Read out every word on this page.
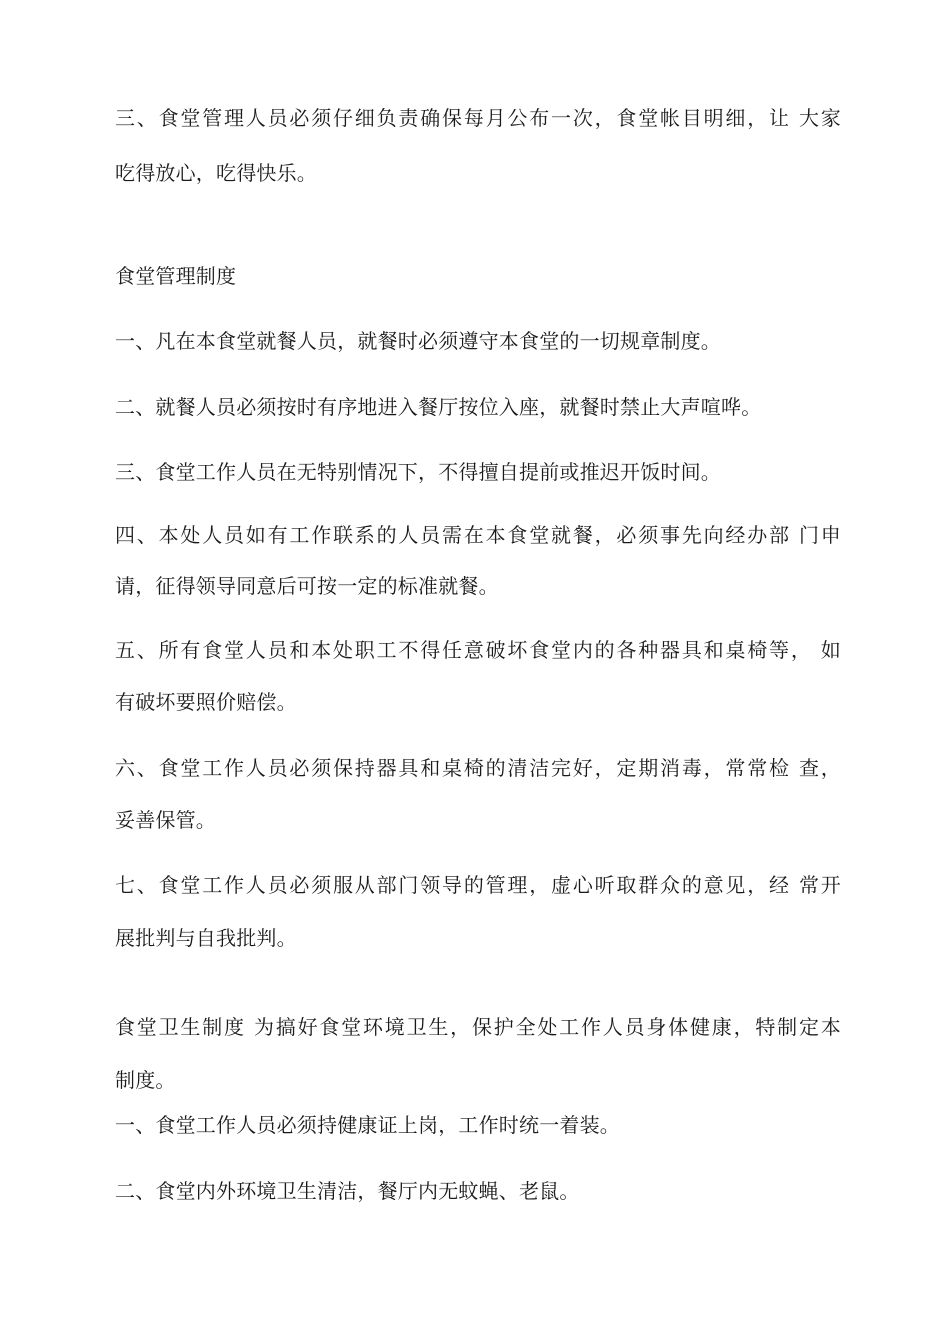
三、食堂管理人员必须仔细负责确保每月公布一次，食堂帐目明细，让 大家
吃得放心，吃得快乐。
食堂管理制度
一、凡在本食堂就餐人员，就餐时必须遵守本食堂的一切规章制度。
二、就餐人员必须按时有序地进入餐厅按位入座，就餐时禁止大声喧哗。
三、食堂工作人员在无特别情况下，不得擅自提前或推迟开饭时间。
四、本处人员如有工作联系的人员需在本食堂就餐，必须事先向经办部 门申
请，征得领导同意后可按一定的标准就餐。
五、所有食堂人员和本处职工不得任意破坏食堂内的各种器具和桌椅等， 如
有破坏要照价赔偿。
六、食堂工作人员必须保持器具和桌椅的清洁完好，定期消毒，常常检 查，
妥善保管。
七、食堂工作人员必须服从部门领导的管理，虚心听取群众的意见，经 常开
展批判与自我批判。
食堂卫生制度 为搞好食堂环境卫生，保护全处工作人员身体健康，特制定本
制度。
一、食堂工作人员必须持健康证上岗，工作时统一着装。
二、食堂内外环境卫生清洁，餐厅内无蚊蝇、老鼠。
